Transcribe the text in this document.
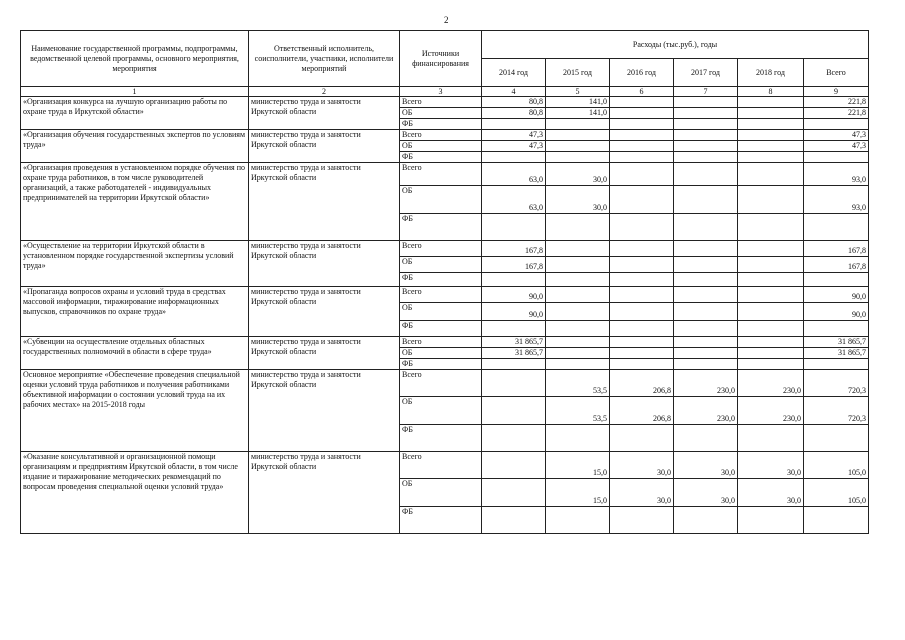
2
Наименование государственной программы, подпрограммы, ведомственной целевой программы, основного мероприятия, мероприятия	Ответственный исполнитель, соисполнители, участники, исполнители мероприятий	Источники финансирования	Расходы (тыс.руб.), годы					
			2014 год	2015 год	2016 год	2017 год	2018 год	Всего
1	2	3	4	5	6	7	8	9
«Организация конкурса на лучшую организацию работы по охране труда в Иркутской области»	министерство труда и занятости Иркутской области	Всего	80,8	141,0				221,8
		ОБ	80,8	141,0				221,8
		ФБ						
«Организация обучения государственных экспертов по условиям труда»	министерство труда и занятости Иркутской области	Всего	47,3					47,3
		ОБ	47,3					47,3
		ФБ						
«Организация проведения в установленном порядке обучения по охране труда работников, в том числе руководителей организаций, а также работодателей - индивидуальных предпринимателей на территории Иркутской области»	министерство труда и занятости Иркутской области	Всего	63,0	30,0				93,0
		ОБ	63,0	30,0				93,0
		ФБ						
«Осуществление на территории Иркутской области в установленном порядке государственной экспертизы условий труда»	министерство труда и занятости Иркутской области	Всего	167,8					167,8
		ОБ	167,8					167,8
		ФБ						
«Пропаганда вопросов охраны и условий труда в средствах массовой информации, тиражирование информационных выпусков, справочников по охране труда»	министерство труда и занятости Иркутской области	Всего	90,0					90,0
		ОБ	90,0					90,0
		ФБ						
«Субвенции на осуществление отдельных областных государственных полномочий в области в сфере труда»	министерство труда и занятости Иркутской области	Всего	31 865,7					31 865,7
		ОБ	31 865,7					31 865,7
		ФБ						
Основное мероприятие «Обеспечение проведения специальной оценки условий труда работников и получения работниками объективной информации о состоянии условий труда на их рабочих местах» на 2015-2018 годы	министерство труда и занятости Иркутской области	Всего		53,5	206,8	230,0	230,0	720,3
		ОБ		53,5	206,8	230,0	230,0	720,3
		ФБ						
«Оказание консультативной и организационной помощи организациям и предприятиям Иркутской области, в том числе издание и тиражирование методических рекомендаций по вопросам проведения специальной оценки условий труда»	министерство труда и занятости Иркутской области	Всего		15,0	30,0	30,0	30,0	105,0
		ОБ		15,0	30,0	30,0	30,0	105,0
		ФБ						
